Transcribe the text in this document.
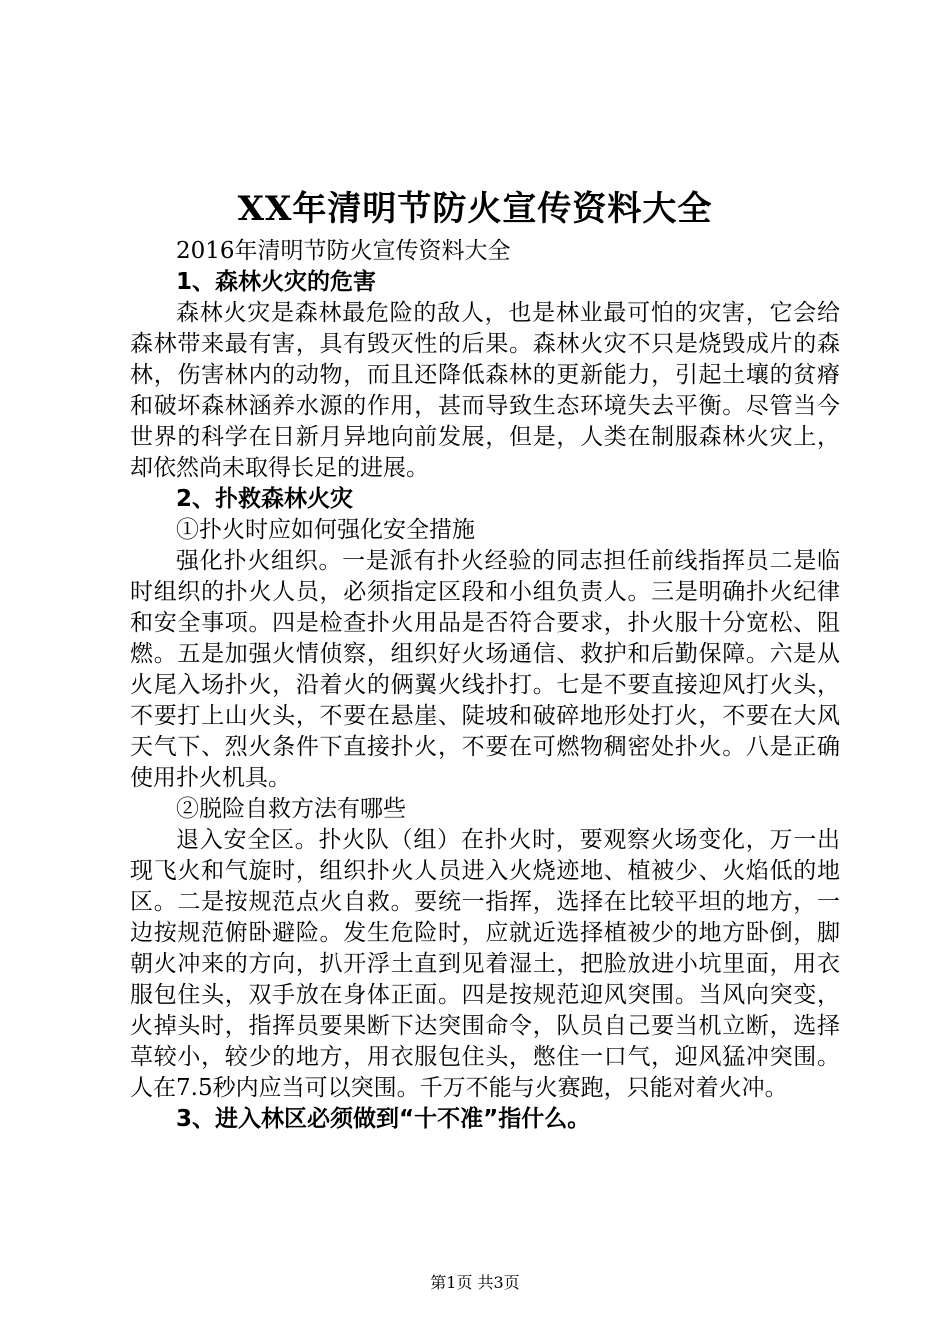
XX年清明节防火宣传资料大全

2016年清明节防火宣传资料大全

1、森林火灾的危害

森林火灾是森林最危险的敌人，也是林业最可怕的灾害，它会给森林带来最有害，具有毁灭性的后果。森林火灾不只是烧毁成片的森林，伤害林内的动物，而且还降低森林的更新能力，引起土壤的贫瘠和破坏森林涵养水源的作用，甚而导致生态环境失去平衡。尽管当今世界的科学在日新月异地向前发展，但是，人类在制服森林火灾上，却依然尚未取得长足的进展。

2、扑救森林火灾

①扑火时应如何强化安全措施

强化扑火组织。一是派有扑火经验的同志担任前线指挥员二是临时组织的扑火人员，必须指定区段和小组负责人。三是明确扑火纪律和安全事项。四是检查扑火用品是否符合要求，扑火服十分宽松、阻燃。五是加强火情侦察，组织好火场通信、救护和后勤保障。六是从火尾入场扑火，沿着火的俩翼火线扑打。七是不要直接迎风打火头，不要打上山火头，不要在悬崖、陡坡和破碎地形处打火，不要在大风天气下、烈火条件下直接扑火，不要在可燃物稠密处扑火。八是正确使用扑火机具。

②脱险自救方法有哪些

退入安全区。扑火队（组）在扑火时，要观察火场变化，万一出现飞火和气旋时，组织扑火人员进入火烧迹地、植被少、火焰低的地区。二是按规范点火自救。要统一指挥，选择在比较平坦的地方，一边按规范俯卧避险。发生危险时，应就近选择植被少的地方卧倒，脚朝火冲来的方向，扒开浮土直到见着湿土，把脸放进小坑里面，用衣服包住头，双手放在身体正面。四是按规范迎风突围。当风向突变，火掉头时，指挥员要果断下达突围命令，队员自己要当机立断，选择草较小，较少的地方，用衣服包住头，憋住一口气，迎风猛冲突围。人在7.5秒内应当可以突围。千万不能与火赛跑，只能对着火冲。

3、进入林区必须做到“十不准”指什么。

第1页 共3页
